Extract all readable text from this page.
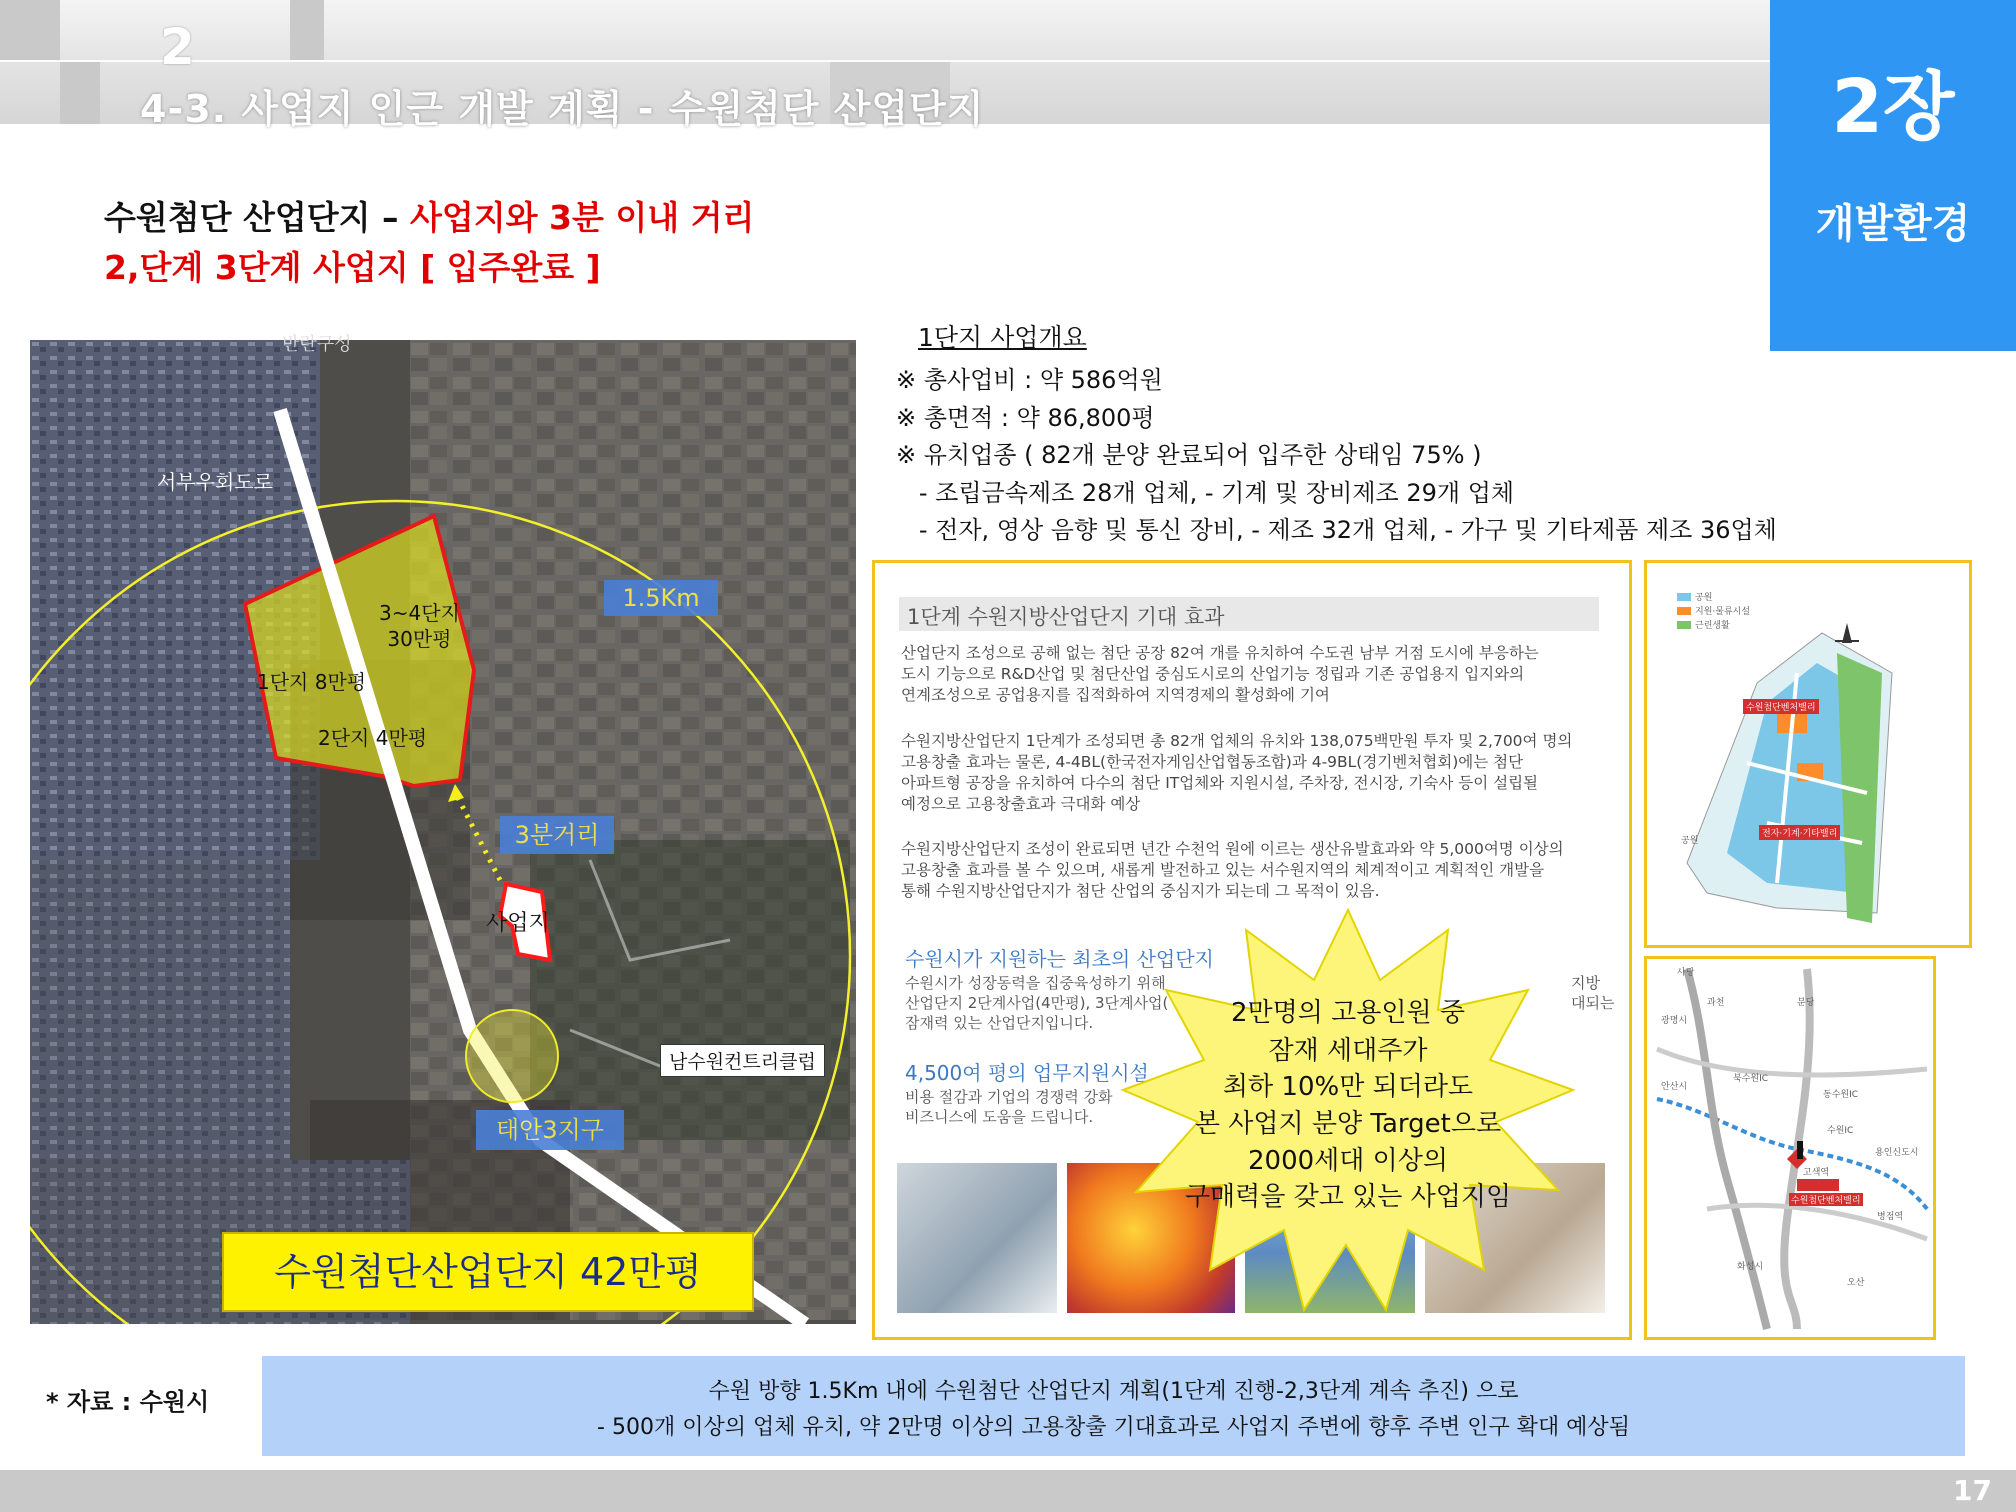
2
4-3. 사업지 인근 개발 계획 - 수원첨단 산업단지	2장
개발환경
수원첨단 산업단지 – 사업지와 3분 이내 거리
2,단계 3단계 사업지 [ 입주완료 ]
반란구성
서부우회도로
3~4단지
30만평
1단지 8만평
2단지 4만평
1.5Km
3분거리
사업지
남수원컨트리클럽
태안3지구
수원첨단산업단지 42만평
1단지 사업개요
※ 총사업비 : 약 586억원
※ 총면적 : 약 86,800평
※ 유치업종 ( 82개 분양 완료되어 입주한 상태임 75% )
- 조립금속제조 28개 업체, - 기계 및 장비제조 29개 업체
- 전자, 영상 음향 및 통신 장비, - 제조 32개 업체, - 가구 및 기타제품 제조 36업체
1단계 수원지방산업단지 기대 효과
산업단지 조성으로 공해 없는 첨단 공장 82여 개를 유치하여 수도권 남부 거점 도시에 부응하는
도시 기능으로 R&D산업 및 첨단산업 중심도시로의 산업기능 정립과 기존 공업용지 입지와의
연계조성으로 공업용지를 집적화하여 지역경제의 활성화에 기여
수원지방산업단지 1단계가 조성되면 총 82개 업체의 유치와 138,075백만원 투자 및 2,700여 명의
고용창출 효과는 물론, 4-4BL(한국전자게임산업협동조합)과 4-9BL(경기벤처협회)에는 첨단
아파트형 공장을 유치하여 다수의 첨단 IT업체와 지원시설, 주차장, 전시장, 기숙사 등이 설립될
예정으로 고용창출효과 극대화 예상
수원지방산업단지 조성이 완료되면 년간 수천억 원에 이르는 생산유발효과와 약 5,000여명 이상의
고용창출 효과를 볼 수 있으며, 새롭게 발전하고 있는 서수원지역의 체계적이고 계획적인 개발을
통해 수원지방산업단지가 첨단 산업의 중심지가 되는데 그 목적이 있음.
수원시가 지원하는 최초의 산업단지
수원시가 성장동력을 집중육성하기 위해
산업단지 2단계사업(4만평), 3단계사업(
잠재력 있는 산업단지입니다.
지방
대되는
4,500여 평의 업무지원시설
비용 절감과 기업의 경쟁력 강화
비즈니스에 도움을 드립니다.
공원
지원·물류시설
근린생활
수원첨단벤처밸리
전자·기계·기타밸리
공원
사당
과천	분당
광명시
안산시
북수원IC
동수원IC
수원IC
용인신도시
수원첨단벤처밸리
고색역
병점역
화성시
오산
2만명의 고용인원 중
잠재 세대주가
최하 10%만 되더라도
본 사업지 분양 Target으로
2000세대 이상의
구매력을 갖고 있는 사업지임
* 자료 : 수원시	수원 방향 1.5Km 내에 수원첨단 산업단지 계획(1단계 진행-2,3단계 계속 추진) 으로
- 500개 이상의 업체 유치, 약 2만명 이상의 고용창출 기대효과로 사업지 주변에 향후 주변 인구 확대 예상됨
17
